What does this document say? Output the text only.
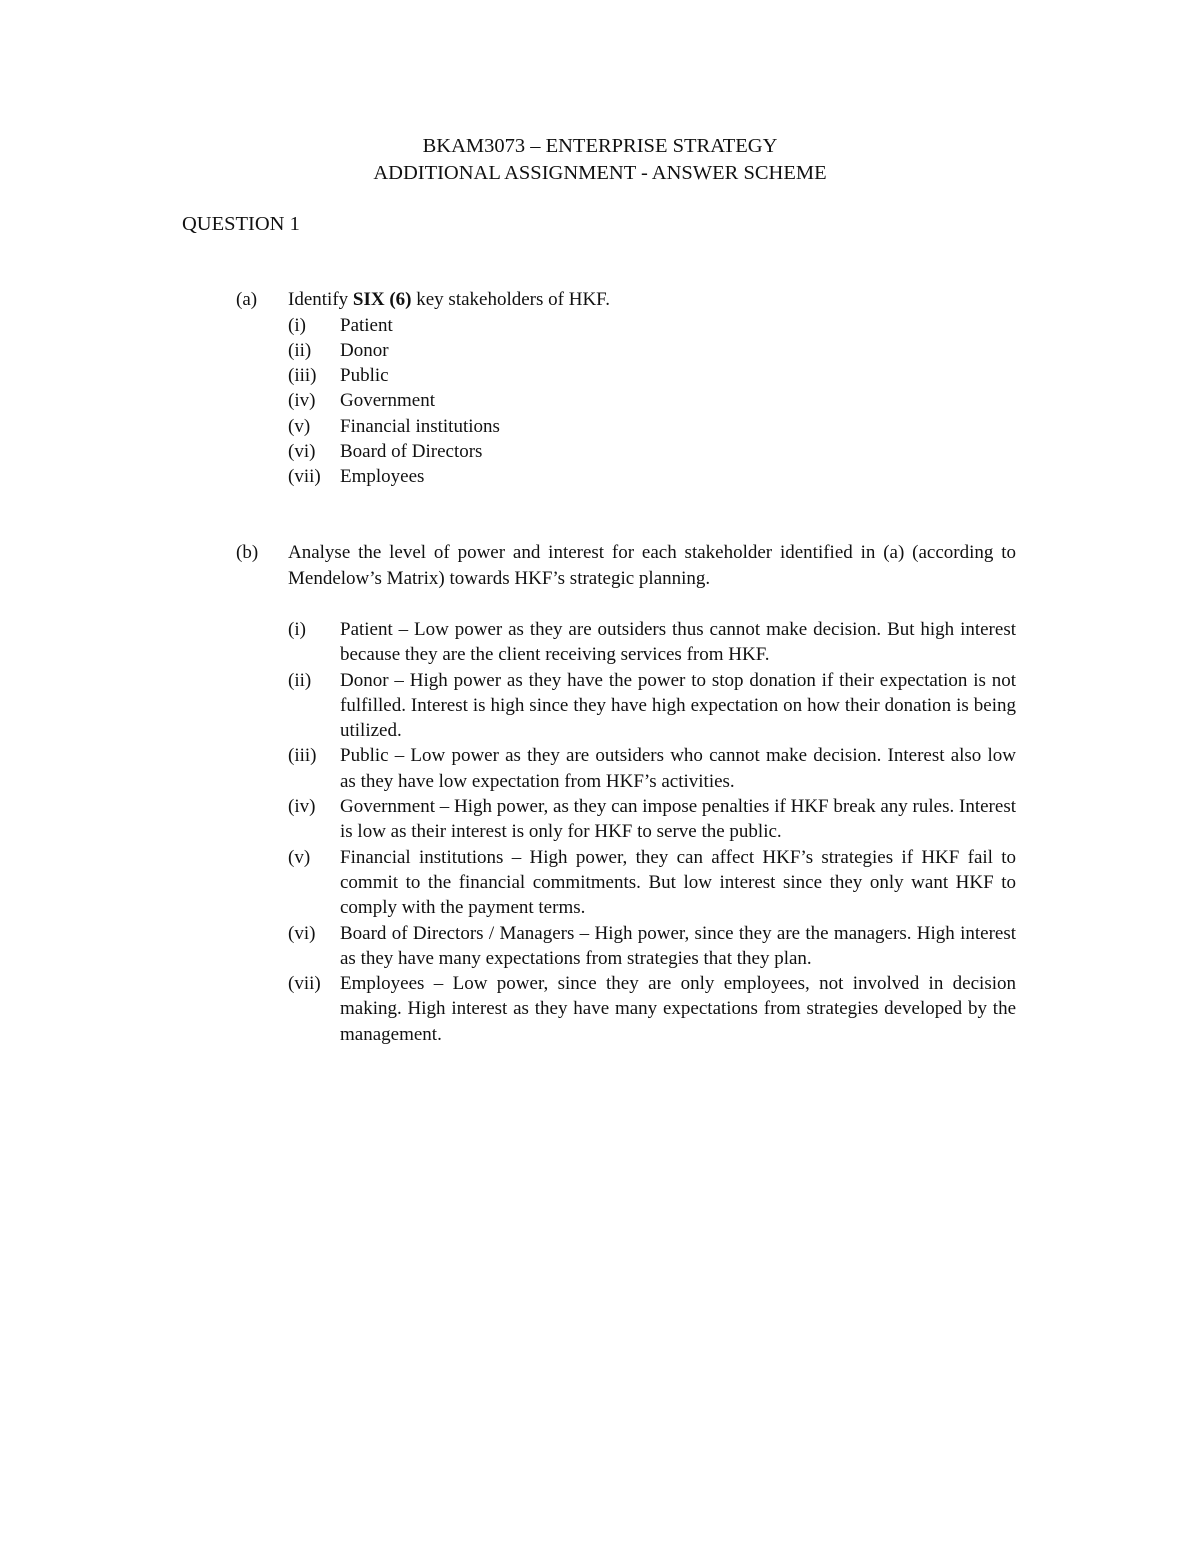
BKAM3073 – ENTERPRISE STRATEGY
ADDITIONAL ASSIGNMENT - ANSWER SCHEME
QUESTION 1
(a) Identify SIX (6) key stakeholders of HKF.
(i) Patient
(ii) Donor
(iii) Public
(iv) Government
(v) Financial institutions
(vi) Board of Directors
(vii) Employees
(b) Analyse the level of power and interest for each stakeholder identified in (a) (according to Mendelow’s Matrix) towards HKF’s strategic planning.
(i) Patient – Low power as they are outsiders thus cannot make decision. But high interest because they are the client receiving services from HKF.
(ii) Donor – High power as they have the power to stop donation if their expectation is not fulfilled. Interest is high since they have high expectation on how their donation is being utilized.
(iii) Public – Low power as they are outsiders who cannot make decision. Interest also low as they have low expectation from HKF’s activities.
(iv) Government – High power, as they can impose penalties if HKF break any rules. Interest is low as their interest is only for HKF to serve the public.
(v) Financial institutions – High power, they can affect HKF’s strategies if HKF fail to commit to the financial commitments. But low interest since they only want HKF to comply with the payment terms.
(vi) Board of Directors / Managers – High power, since they are the managers. High interest as they have many expectations from strategies that they plan.
(vii) Employees – Low power, since they are only employees, not involved in decision making. High interest as they have many expectations from strategies developed by the management.
